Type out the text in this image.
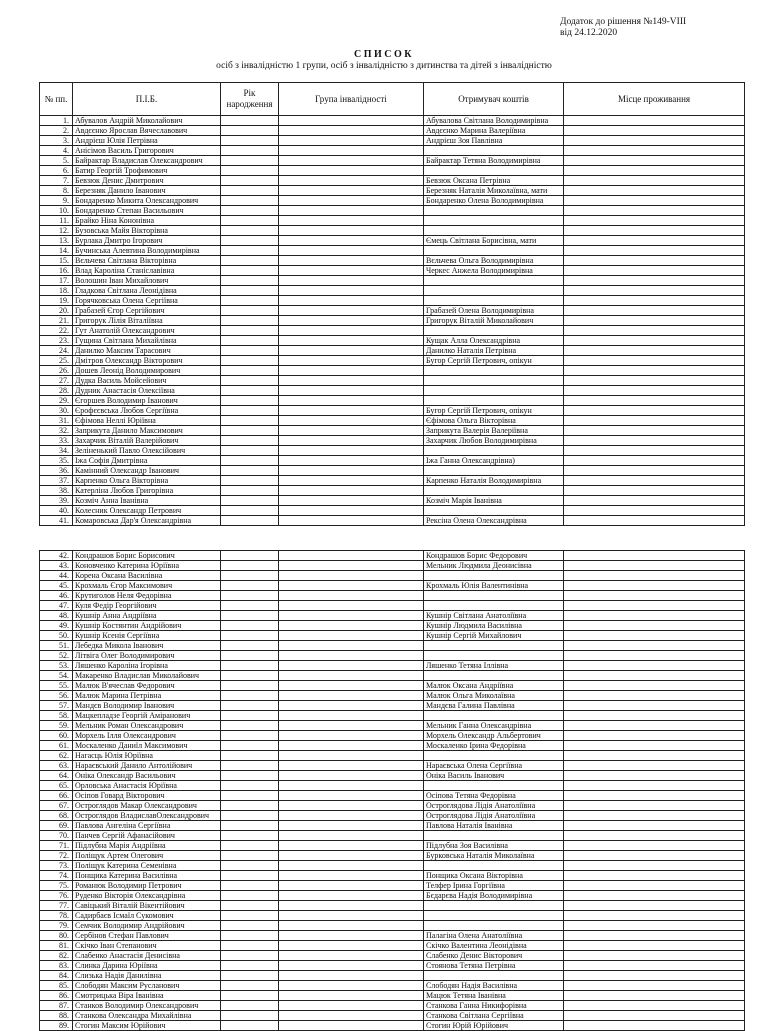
Додаток до рішення №149-VIII
від 24.12.2020
СПИСОК
осіб з інвалідністю 1 групи, осіб з інвалідністю з дитинства та дітей з інвалідністю
№ пп.	П.І.Б.	Рік народження	Група інвалідності	Отримувач коштів	Місце проживання
1.	Абувалов Андрій Миколайович			Абувалова Світлана Володимирівна	
2.	Авдєєнко Ярослав Вячеславович			Авдєєнко Марина Валеріївна	
3.	Андрієш Юлія Петрівна			Андрієш Зоя Павлівна	
4.	Анісімов Василь Григорович				
5.	Байрактар Владислав Олександрович			Байрактар Тетяна Володимирівна	
6.	Батир Георгій Трофимович				
7.	Бевзюк Денис Дмитрович			Бевзюк Оксана Петрівна	
8.	Березняк Данило Іванович			Березняк Наталія Миколаївна, мати	
9.	Бондаренко Микита Олександрович			Бондаренко Олена Володимирівна	
10.	Бондаренко Степан Васильович				
11.	Брайко Ніна Кононівна				
12.	Бузовська Майя Вікторівна				
13.	Бурлака Дмитро Ігорович			Ємець Світлана Борисівна, мати	
14.	Бучинська Алевтина Володимирівна				
15.	Вєльчева Світлана Вікторівна			Вєльчева Ольга Володимирівна	
16.	Влад Кароліна Станіславівна			Черкес Анжела Володимирівна	
17.	Волошин Іван Михайлович				
18.	Гладкова Світлана Леонідівна				
19.	Горячковська Олена Сергіївна				
20.	Грабазей Єгор Сергійович			Грабазей Олена Володимирівна	
21.	Григорук Лілія Віталіївна			Григорук Віталій Миколайович	
22.	Гут Анатолій Олександрович				
23.	Гущина Світлана Михайлівна			Кущак Алла Олександрівна	
24.	Данилко Максим Тарасович			Данилко Наталія Петрівна	
25.	Дмітров Олександр Вікторович			Бугор Сергій Петрович, опікун	
26.	Дошев Леонід Володимирович				
27.	Дудка Василь Мойсейович				
28.	Дудник Анастасія Олексіївна				
29.	Єгоршев Володимир Іванович				
30.	Єрофєєвська Любов Сергіївна			Бугор Сергій Петрович, опікун	
31.	Єфімова Неллі Юріївна			Єфімова Ольга Вікторівна	
32.	Заприкута Данило Максимович			Заприкута Валерія Валеріївна	
33.	Захарчик Віталій Валерійович			Захарчик Любов Володимирівна	
34.	Зеліненький Павло Олексійович				
35.	Іжа Софія Дмитрівна			Іжа Ганна Олександрівна)	
36.	Камінний Олександр Іванович				
37.	Карпенко Ольга Вікторівна			Карпенко Наталія Володимирівна	
38.	Катерліна Любов Григорівна				
39.	Козміч Анна Іванівна			Козміч Марія Іванівна	
40.	Колесник Олександр Петрович				
41.	Комаровська Дар'я Олександрівна			Рексіна Олена Олександрівна	
42.	Кондрашов Борис Борисович			Кондрашов Борис Федорович	
43.	Коновченко Катерина Юріївна			Мельник Людмила Деонисівна	
44.	Корена Оксана Василівна				
45.	Крохмаль Єгор Максимович			Крохмаль Юлія Валентинівна	
46.	Крутиголов Неля Федорівна				
47.	Куля Федір Георгійович				
48.	Кушнір Анна Андріївна			Кушнір Світлана Анатоліївна	
49.	Кушнір Костянтин Андрійович			Кушнір Людмила Василівна	
50.	Кушнір Ксенія Сергіївна			Кушнір Сергій Михайлович	
51.	Лебедка Микола Іванович				
52.	Літвіга Олег Володимирович				
53.	Ляшенко Кароліна Ігорівна			Ляшенко Тетяна Іллівна	
54.	Макаренко Владислав Миколайович				
55.	Малюк В'ячеслав Федорович			Малюк Оксана Андріївна	
56.	Малюк Марина Петрівна			Малюк Ольга Миколаївна	
57.	Мандєв Володимир Іванович			Мандєва Галина Павлівна	
58.	Мацкепладзе Георгій Амiранович				
59.	Мельник Роман Олександрович			Мельник Ганна Олександрівна	
60.	Морхель Ілля Олександрович			Морхель Олександр Альбертович	
61.	Москаленко Даниїл Максимович			Москаленко Ірина Федорівна	
62.	Нагасць Юлія Юріївна				
63.	Нараєвський Данило Антолійович			Нараєвська Олена Сергіївна	
64.	Оніка Олександр Васильович			Оніка Василь Іванович	
65.	Орловська Анастасія Юріївна				
66.	Осіпов Говард Вікторович			Осіпова Тетяна Федорівна	
67.	Остроглядов Макар Олександрович			Остроглядова Лідія Анатоліївна	
68.	Остроглядов ВладиславОлександрович			Остроглядова Лідія Анатоліївна	
69.	Павлова Ангеліна Сергіївна			Павлова Наталія Іванівна	
70.	Панчев Сергій Афанасійович				
71.	Підлубна Марія Андріївна			Підлубна Зоя Василівна	
72.	Поліщук Артем Олегович			Бурковська Наталія Миколаївна	
73.	Поліщук Катерина Семенівна				
74.	Понщика Катерина Василівна			Понщика Оксана Вікторівна	
75.	Романюк Володимир Петрович			Телфер Ірина Горгіївна	
76.	Руденко Вікторія Олександрівна			Бєдарєва Надія Володимирівна	
77.	Савіцький Віталій Вікентійович				
78.	Садирбаєв Ісмаїл Сукомович				
79.	Семчик Володимир Андрійович				
80.	Сербінов Стефан Павлович			Палагіна Олена Анатоліївна	
81.	Скічко Іван Степанович			Скічко Валентина Леонідівна	
82.	Слабенко Анастасія Денисівна			Слабенко Денис Вікторович	
83.	Слинка Дарина Юріївна			Стоянова Тетяна Петрівна	
84.	Слизька Надія Данилівна				
85.	Слободян Максим Русланович			Слободян Надія Василівна	
86.	Смотрицька Віра Іванівна			Мацюк Тетяна Іванівна	
87.	Станков Володимир Олександрович			Станкова Ганна Никифорівна	
88.	Станкова Олександра Михайлівна			Станкова Світлана Сергіївна	
89.	Стогин Максим Юрійович			Стогин Юрій Юрійович	
